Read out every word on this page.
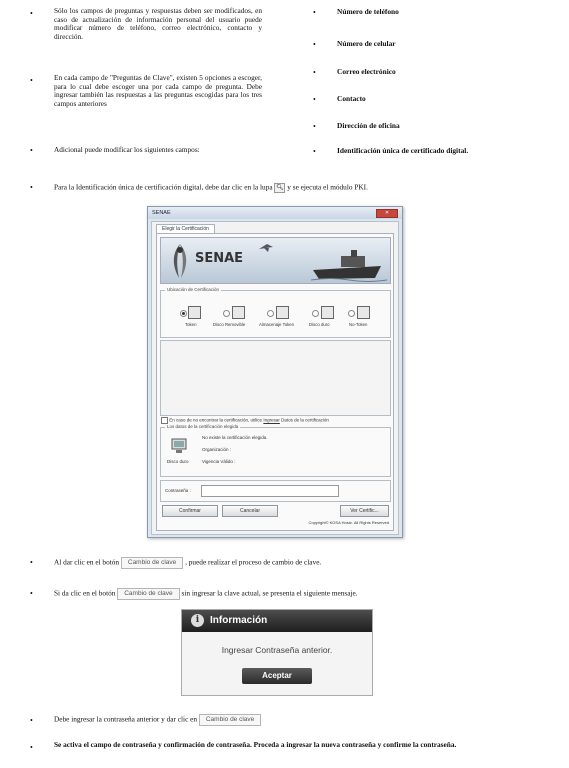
•	Sólo los campos de preguntas y respuestas deben ser modificados, en caso de actualización de información personal del usuario puede modificar número de teléfono, correo electrónico, contacto y dirección.
•	En cada campo de "Preguntas de Clave", existen 5 opciones a escoger, para lo cual debe escoger una por cada campo de pregunta. Debe ingresar también las respuestas a las preguntas escogidas para los tres campos anteriores
•	Adicional puede modificar los siguientes campos:
•	Número de teléfono
•	Número de celular
•	Correo electrónico
•	Contacto
•	Dirección de oficina
•	Identificación única de certificado digital.
•	Para la Identificación única de certificación digital, debe dar clic en la lupa 🔍︎ y se ejecuta el módulo PKI.
SENAE	✕
Elegir la Certificación
SENAE
Ubicación de Certificación
Token	Disco Removible	Almacenaje Token	Disco duro	No-Token
En caso de no encontrar la certificación, utilice Ingresar Datos de la certificación
Los datos de la certificación elegida
Disco duro
No existe la certificación elegida.
Organización :
Vigencia Válido :
Contraseña :
Confirmar	Cancelar	Ver Certific...
Copyright© KOSA Hostz. All Rights Reserved
•	Al dar clic en el botón Cambio de clave , puede realizar el proceso de cambio de clave.
•	Si da clic en el botón Cambio de clave sin ingresar la clave actual, se presenta el siguiente mensaje.
i	Información
Ingresar Contraseña anterior.
Aceptar
•	Debe ingresar la contraseña anterior y dar clic en Cambio de clave
•	Se activa el campo de contraseña y confirmación de contraseña. Proceda a ingresar la nueva contraseña y confirme la contraseña.
